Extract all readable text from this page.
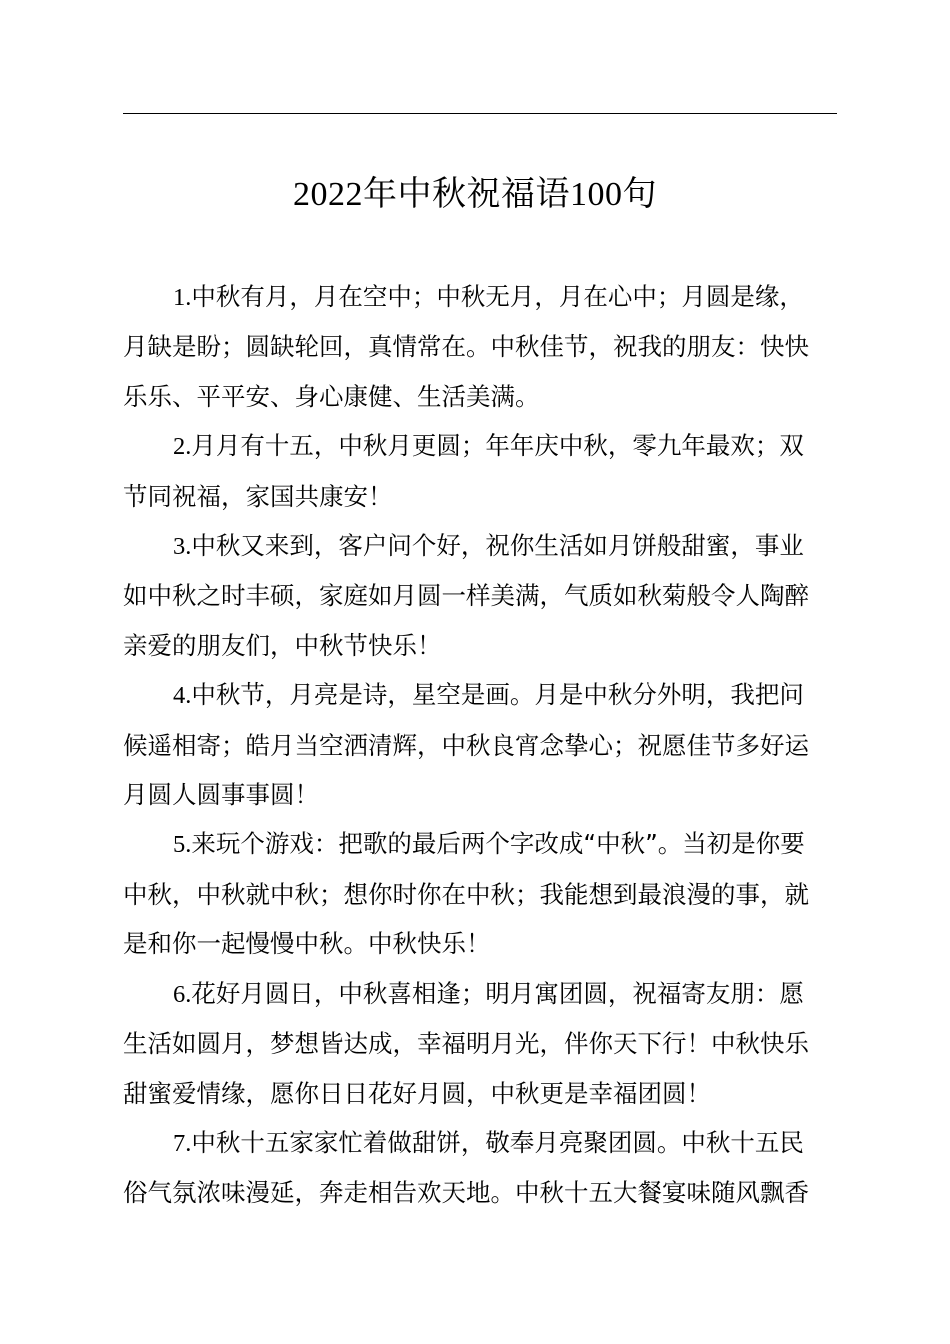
2022年中秋祝福语100句

1.中秋有月，月在空中；中秋无月，月在心中；月圆是缘，
月缺是盼；圆缺轮回，真情常在。中秋佳节，祝我的朋友：快快
乐乐、平平安、身心康健、生活美满。

2.月月有十五，中秋月更圆；年年庆中秋，零九年最欢；双
节同祝福，家国共康安！

3.中秋又来到，客户问个好，祝你生活如月饼般甜蜜，事业
如中秋之时丰硕，家庭如月圆一样美满，气质如秋菊般令人陶醉
亲爱的朋友们，中秋节快乐！

4.中秋节，月亮是诗，星空是画。月是中秋分外明，我把问
候遥相寄；皓月当空洒清辉，中秋良宵念挚心；祝愿佳节多好运
月圆人圆事事圆！

5.来玩个游戏：把歌的最后两个字改成“中秋”。当初是你要
中秋，中秋就中秋；想你时你在中秋；我能想到最浪漫的事，就
是和你一起慢慢中秋。中秋快乐！

6.花好月圆日，中秋喜相逢；明月寓团圆，祝福寄友朋：愿
生活如圆月，梦想皆达成，幸福明月光，伴你天下行！中秋快乐
甜蜜爱情缘，愿你日日花好月圆，中秋更是幸福团圆！

7.中秋十五家家忙着做甜饼，敬奉月亮聚团圆。中秋十五民
俗气氛浓味漫延，奔走相告欢天地。中秋十五大餐宴味随风飘香
